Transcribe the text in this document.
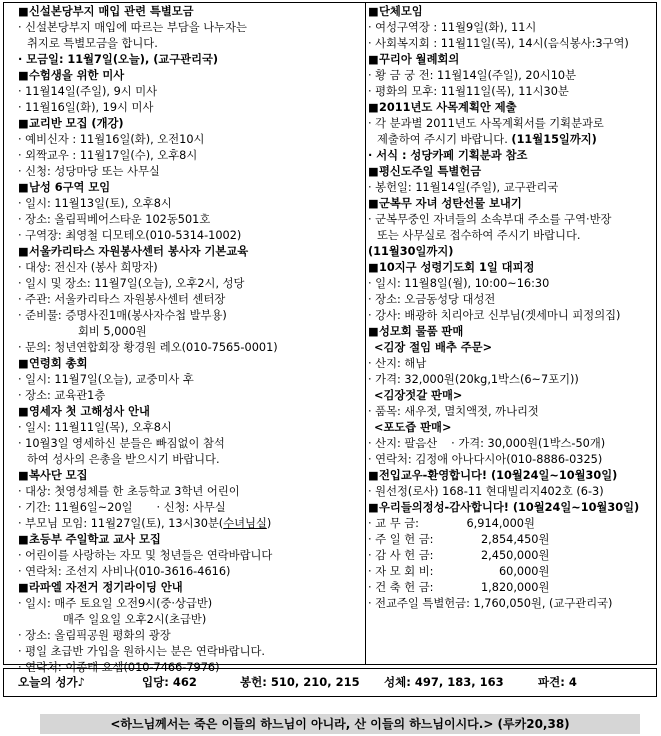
■신설본당부지 매입 관련 특별모금
· 신설본당부지 매입에 따르는 부담을 나누자는
취지로 특별모금을 합니다.
· 모금일: 11월7일(오늘), (교구관리국)
■수험생을 위한 미사
· 11월14일(주일), 9시 미사
· 11월16일(화), 19시 미사
■교리반 모집 (개강)
· 예비신자 : 11월16일(화), 오전10시
· 외짝교우 : 11월17일(수), 오후8시
· 신청: 성당마당 또는 사무실
■남성 6구역 모임
· 일시: 11월13일(토), 오후8시
· 장소: 올림픽베어스타운 102동501호
· 구역장: 최영철 디모테오(010-5314-1002)
■서울카리타스 자원봉사센터 봉사자 기본교육
· 대상: 전신자 (봉사 희망자)
· 일시 및 장소: 11월7일(오늘), 오후2시, 성당
· 주관: 서울카리타스 자원봉사센터 센터장
· 준비물: 증명사진1매(봉사자수첩 발부용)
회비 5,000원
· 문의: 청년연합회장 황경원 레오(010-7565-0001)
■연령회 총회
· 일시: 11월7일(오늘), 교중미사 후
· 장소: 교육관1층
■영세자 첫 고해성사 안내
· 일시: 11월11일(목), 오후8시
· 10월3일 영세하신 분들은 빠짐없이 참석
하여 성사의 은총을 받으시기 바랍니다.
■복사단 모집
· 대상: 첫영성체를 한 초등학교 3학년 어린이
· 기간: 11월6일~20일 · 신청: 사무실
· 부모님 모임: 11월27일(토), 13시30분(수녀님실)
■초등부 주일학교 교사 모집
· 어린이를 사랑하는 자모 및 청년들은 연락바랍니다
· 연락처: 조선지 사비나(010-3616-4616)
■라파엘 자전거 정기라이딩 안내
· 일시: 매주 토요일 오전9시(중·상급반)
매주 일요일 오후2시(초급반)
· 장소: 올림픽공원 평화의 광장
· 평일 초급반 가입을 원하시는 분은 연락바랍니다.
· 연락처: 이종태 요셉(010-7466-7976)
■단체모임
· 여성구역장 : 11월9일(화), 11시
· 사회복지회 : 11월11일(목), 14시(음식봉사:3구역)
■꾸리아 월례회의
· 황 금 궁 전: 11월14일(주일), 20시10분
· 평화의 모후: 11월11일(목), 11시30분
■2011년도 사목계획안 제출
· 각 분과별 2011년도 사목계획서를 기획분과로
제출하여 주시기 바랍니다. (11월15일까지)
· 서식 : 성당카페 기획분과 참조
■평신도주일 특별헌금
· 봉헌일: 11월14일(주일), 교구관리국
■군복무 자녀 성탄선물 보내기
· 군복무중인 자녀들의 소속부대 주소를 구역·반장
또는 사무실로 접수하여 주시기 바랍니다.
(11월30일까지)
■10지구 성령기도회 1일 대피정
· 일시: 11월8일(월), 10:00~16:30
· 장소: 오금동성당 대성전
· 강사: 배광하 치리아코 신부님(겟세마니 피정의집)
■성모회 물품 판매
<김장 절임 배추 주문>
· 산지: 해남
· 가격: 32,000원(20kg,1박스(6~7포기))
<김장젓갈 판매>
· 품목: 새우젓, 멸치액젓, 까나리젓
<포도즙 판매>
· 산지: 팔음산 · 가격: 30,000원(1박스-50개)
· 연락처: 김정애 아나다시아(010-8886-0325)
■전입교우-환영합니다! (10월24일~10월30일)
· 원선정(로사) 168-11 현대빌리지402호 (6-3)
■우리들의정성-감사합니다! (10월24일~10월30일)
· 교 무 금:	6,914,000원
· 주 일 헌 금:	2,854,450원
· 감 사 헌 금:	2,450,000원
· 자 모 회 비:	60,000원
· 건 축 헌 금:	1,820,000원
· 전교주일 특별헌금: 1,760,050원, (교구관리국)
오늘의 성가♪	입당: 462	봉헌: 510, 210, 215 성체: 497, 183, 163	파견: 4
<하느님께서는 죽은 이들의 하느님이 아니라, 산 이들의 하느님이시다.> (루카20,38)
